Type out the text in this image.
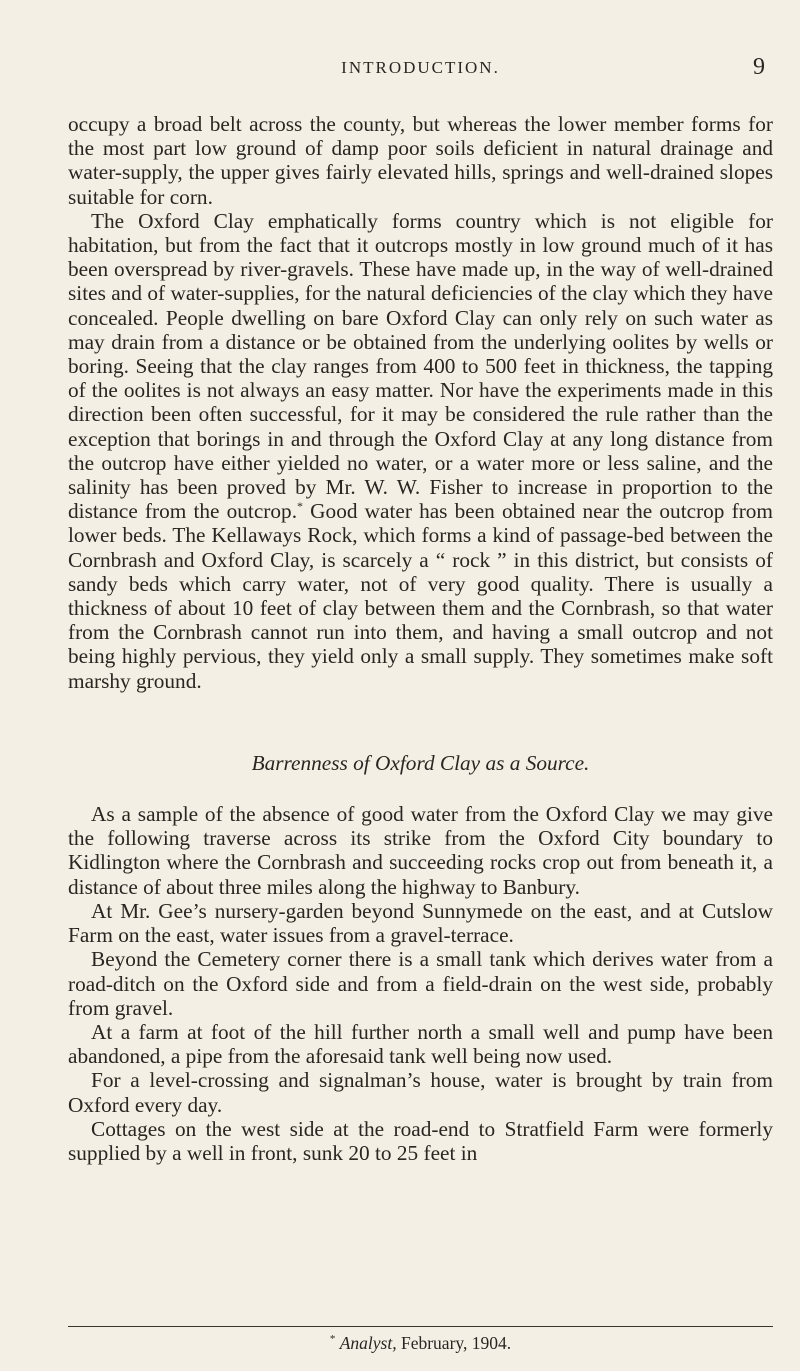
INTRODUCTION.	9

occupy a broad belt across the county, but whereas the lower member forms for the most part low ground of damp poor soils deficient in natural drainage and water-supply, the upper gives fairly elevated hills, springs and well-drained slopes suitable for corn.

The Oxford Clay emphatically forms country which is not eligible for habitation, but from the fact that it outcrops mostly in low ground much of it has been overspread by river-gravels. These have made up, in the way of well-drained sites and of water-supplies, for the natural deficiencies of the clay which they have concealed. People dwelling on bare Oxford Clay can only rely on such water as may drain from a distance or be obtained from the underlying oolites by wells or boring. Seeing that the clay ranges from 400 to 500 feet in thickness, the tapping of the oolites is not always an easy matter. Nor have the experiments made in this direction been often successful, for it may be considered the rule rather than the exception that borings in and through the Oxford Clay at any long distance from the outcrop have either yielded no water, or a water more or less saline, and the salinity has been proved by Mr. W. W. Fisher to increase in proportion to the distance from the outcrop.* Good water has been obtained near the outcrop from lower beds. The Kellaways Rock, which forms a kind of passage-bed between the Cornbrash and Oxford Clay, is scarcely a “ rock ” in this district, but consists of sandy beds which carry water, not of very good quality. There is usually a thickness of about 10 feet of clay between them and the Cornbrash, so that water from the Cornbrash cannot run into them, and having a small outcrop and not being highly pervious, they yield only a small supply. They sometimes make soft marshy ground.

Barrenness of Oxford Clay as a Source.

As a sample of the absence of good water from the Oxford Clay we may give the following traverse across its strike from the Oxford City boundary to Kidlington where the Cornbrash and succeeding rocks crop out from beneath it, a distance of about three miles along the highway to Banbury.

At Mr. Gee’s nursery-garden beyond Sunnymede on the east, and at Cutslow Farm on the east, water issues from a gravel-terrace.

Beyond the Cemetery corner there is a small tank which derives water from a road-ditch on the Oxford side and from a field-drain on the west side, probably from gravel.

At a farm at foot of the hill further north a small well and pump have been abandoned, a pipe from the aforesaid tank well being now used.

For a level-crossing and signalman’s house, water is brought by train from Oxford every day.

Cottages on the west side at the road-end to Stratfield Farm were formerly supplied by a well in front, sunk 20 to 25 feet in

* Analyst, February, 1904.
